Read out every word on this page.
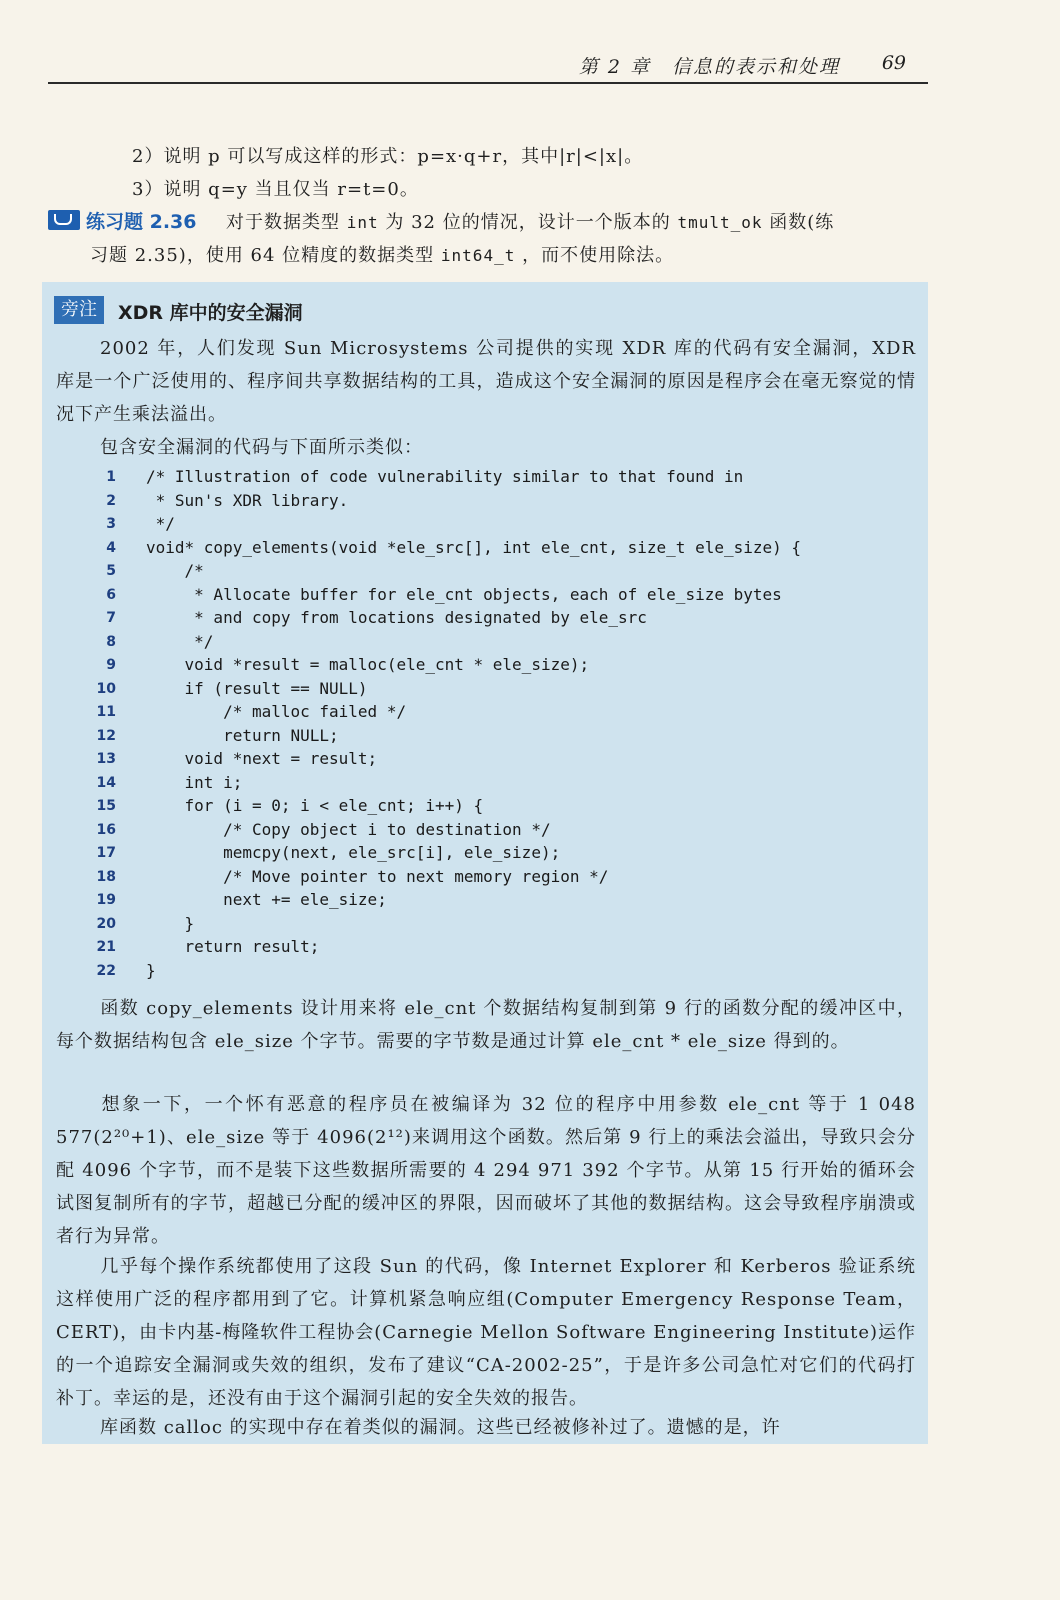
第 2 章　信息的表示和处理 69
2）说明 p 可以写成这样的形式：p=x·q+r，其中|r|<|x|。
3）说明 q=y 当且仅当 r=t=0。
练习题 2.36 对于数据类型 int 为 32 位的情况，设计一个版本的 tmult_ok 函数(练
习题 2.35)，使用 64 位精度的数据类型 int64_t ，而不使用除法。
旁注	XDR 库中的安全漏洞
2002 年，人们发现 Sun Microsystems 公司提供的实现 XDR 库的代码有安全漏洞，XDR 库是一个广泛使用的、程序间共享数据结构的工具，造成这个安全漏洞的原因是程序会在毫无察觉的情况下产生乘法溢出。
包含安全漏洞的代码与下面所示类似：
1 /* Illustration of code vulnerability similar to that found in
2 * Sun's XDR library.
3 */
4 void* copy_elements(void *ele_src[], int ele_cnt, size_t ele_size) {
5 /*
6 * Allocate buffer for ele_cnt objects, each of ele_size bytes
7 * and copy from locations designated by ele_src
8 */
9 void *result = malloc(ele_cnt * ele_size);
10 if (result == NULL)
11 /* malloc failed */
12 return NULL;
13 void *next = result;
14 int i;
15 for (i = 0; i < ele_cnt; i++) {
16 /* Copy object i to destination */
17 memcpy(next, ele_src[i], ele_size);
18 /* Move pointer to next memory region */
19 next += ele_size;
20 }
21 return result;
22 }
函数 copy_elements 设计用来将 ele_cnt 个数据结构复制到第 9 行的函数分配的缓冲区中，每个数据结构包含 ele_size 个字节。需要的字节数是通过计算 ele_cnt * ele_size 得到的。
想象一下，一个怀有恶意的程序员在被编译为 32 位的程序中用参数 ele_cnt 等于 1 048 577(2²⁰+1)、ele_size 等于 4096(2¹²)来调用这个函数。然后第 9 行上的乘法会溢出，导致只会分配 4096 个字节，而不是装下这些数据所需要的 4 294 971 392 个字节。从第 15 行开始的循环会试图复制所有的字节，超越已分配的缓冲区的界限，因而破坏了其他的数据结构。这会导致程序崩溃或者行为异常。
几乎每个操作系统都使用了这段 Sun 的代码，像 Internet Explorer 和 Kerberos 验证系统这样使用广泛的程序都用到了它。计算机紧急响应组(Computer Emergency Response Team，CERT)，由卡内基-梅隆软件工程协会(Carnegie Mellon Software Engineering Institute)运作的一个追踪安全漏洞或失效的组织，发布了建议“CA-2002-25”，于是许多公司急忙对它们的代码打补丁。幸运的是，还没有由于这个漏洞引起的安全失效的报告。
库函数 calloc 的实现中存在着类似的漏洞。这些已经被修补过了。遗憾的是，许
